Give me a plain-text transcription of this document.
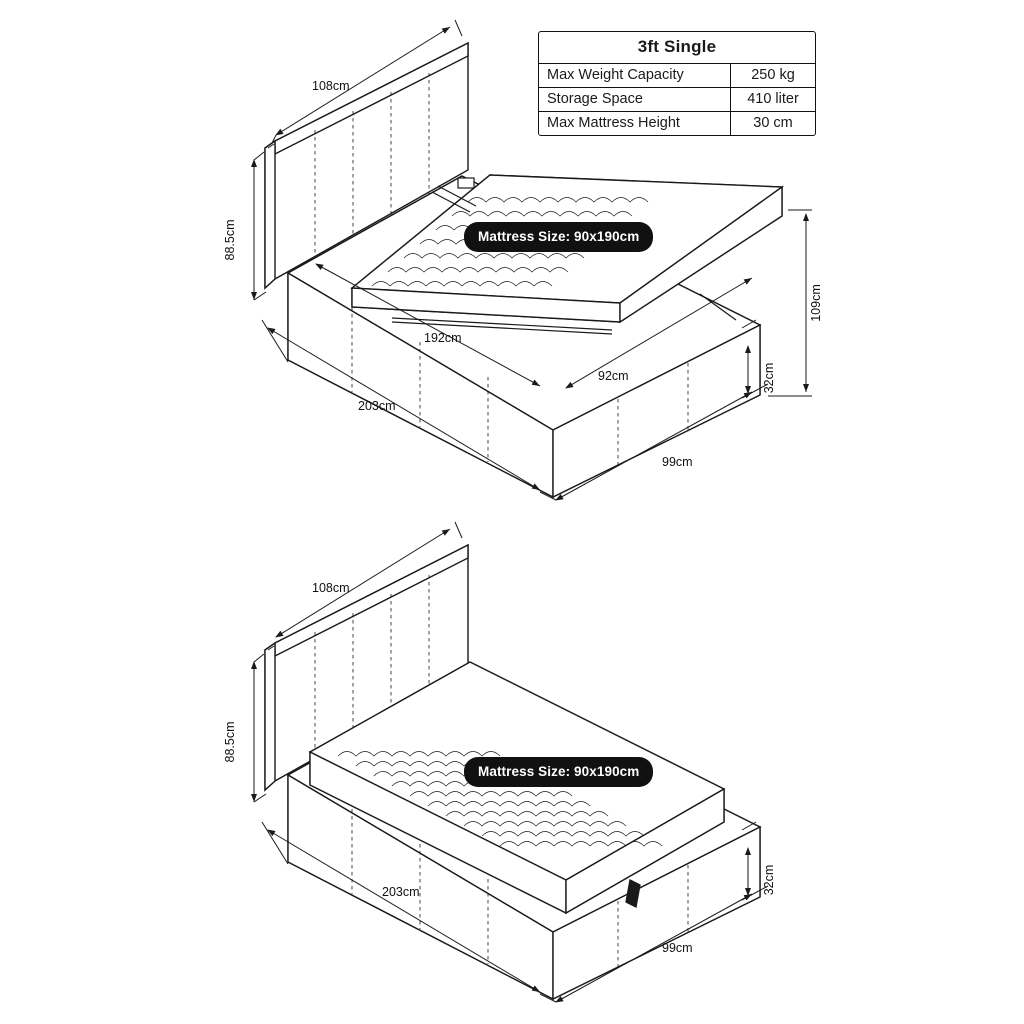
108cm
88.5cm
192cm
203cm
92cm	32cm
109cm
99cm
108cm
88.5cm
203cm	32cm
99cm
3ft Single
Max Weight Capacity	250 kg
Storage Space	410 liter
Max Mattress Height	30 cm
Mattress Size: 90x190cm
Mattress Size: 90x190cm
